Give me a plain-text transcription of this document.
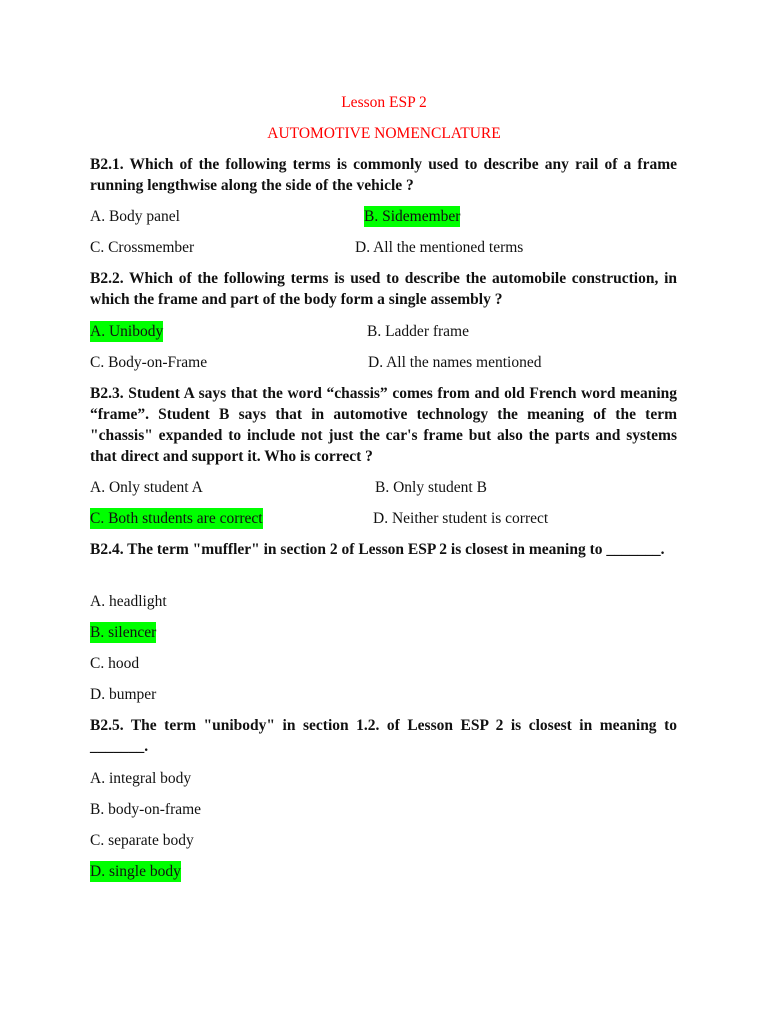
Lesson ESP 2
AUTOMOTIVE NOMENCLATURE

B2.1. Which of the following terms is commonly used to describe any rail of a frame running lengthwise along the side of the vehicle ?

A. Body panel	B. Sidemember
C. Crossmember	D. All the mentioned terms

B2.2. Which of the following terms is used to describe the automobile construction, in which the frame and part of the body form a single assembly ?

A. Unibody	B. Ladder frame
C. Body-on-Frame	D. All the names mentioned

B2.3. Student A says that the word “chassis” comes from and old French word meaning “frame”. Student B says that in automotive technology the meaning of the term "chassis" expanded to include not just the car's frame but also the parts and systems that direct and support it. Who is correct ?

A. Only student A	B. Only student B
C. Both students are correct	D. Neither student is correct

B2.4. The term "muffler" in section 2 of Lesson ESP 2 is closest in meaning to _______.

A. headlight
B. silencer
C. hood
D. bumper

B2.5. The term "unibody" in section 1.2. of Lesson ESP 2 is closest in meaning to _______.

A. integral body
B. body-on-frame
C. separate body
D. single body
